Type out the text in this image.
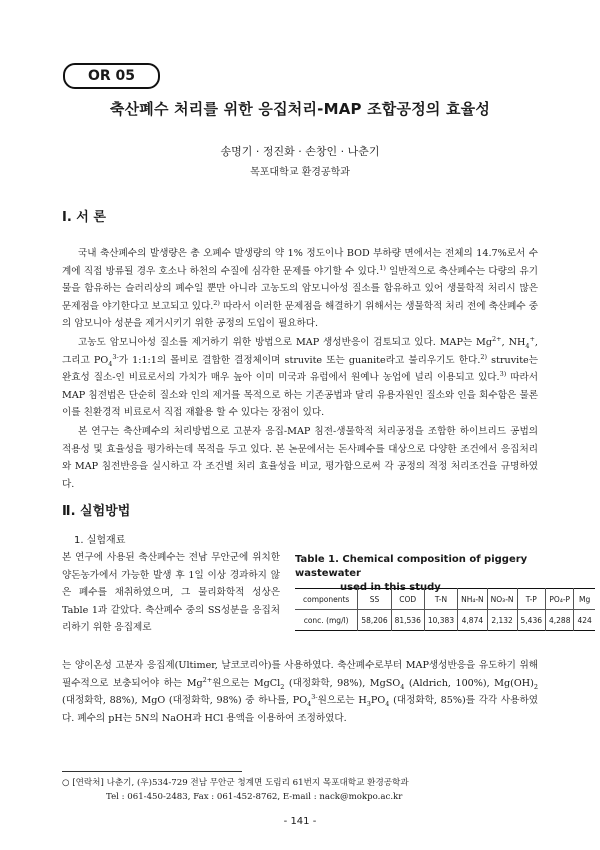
OR 05
축산폐수 처리를 위한 응집처리-MAP 조합공정의 효율성
송명기 · 정진화 · 손창인 · 나춘기
목포대학교 환경공학과
Ⅰ. 서 론

국내 축산폐수의 발생량은 총 오폐수 발생량의 약 1% 정도이나 BOD 부하량 면에서는 전체의 14.7%로서 수계에 직접 방류될 경우 호소나 하천의 수질에 심각한 문제를 야기할 수 있다.$^{1)}$ 일반적으로 축산폐수는 다량의 유기물을 함유하는 슬러리상의 폐수일 뿐만 아니라 고농도의 암모니아성 질소를 함유하고 있어 생물학적 처리시 많은 문제점을 야기한다고 보고되고 있다.$^{2)}$ 따라서 이러한 문제점을 해결하기 위해서는 생물학적 처리 전에 축산폐수 중의 암모니아 성분을 제거시키기 위한 공정의 도입이 필요하다.

고농도 암모니아성 질소를 제거하기 위한 방법으로 MAP 생성반응이 검토되고 있다. MAP는 $Mg^{2+}$, $NH_4^+$, 그리고 $PO_4^{3-}$가 1:1:1의 몰비로 결합한 결정체이며 struvite 또는 guanite라고 불리우기도 한다.$^{2)}$ struvite는 완효성 질소-인 비료로서의 가치가 매우 높아 이미 미국과 유럽에서 원예나 농업에 널리 이용되고 있다.$^{3)}$ 따라서 MAP 침전법은 단순히 질소와 인의 제거를 목적으로 하는 기존공법과 달리 유용자원인 질소와 인을 회수함은 물론 이를 친환경적 비료로서 직접 재활용 할 수 있다는 장점이 있다.

본 연구는 축산폐수의 처리방법으로 고분자 응집-MAP 침전-생물학적 처리공정을 조합한 하이브리드 공법의 적용성 및 효율성을 평가하는데 목적을 두고 있다. 본 논문에서는 돈사폐수를 대상으로 다양한 조건에서 응집처리와 MAP 침전반응을 실시하고 각 조건별 처리 효율성을 비교, 평가함으로써 각 공정의 적정 처리조건을 규명하였다.

Ⅱ. 실험방법
1. 실험재료

본 연구에 사용된 축산폐수는 전남 무안군에 위치한 양돈농가에서 가능한 발생 후 1일 이상 경과하지 않은 폐수를 채취하였으며, 그 물리화학적 성상은 Table 1과 같았다. 축산폐수 중의 SS성분을 응집처리하기 위한 응집제로

Table 1. Chemical composition of piggery wastewater
used in this study
components	SS	COD	T-N	NH₄-N	NO₃-N	T-P	PO₄-P	Mg
conc. (mg/l)	58,206	81,536	10,383	4,874	2,132	5,436	4,288	424

는 양이온성 고분자 응집제(Ultimer, 날코코리아)를 사용하였다. 축산폐수로부터 MAP생성반응을 유도하기 위해 필수적으로 보충되어야 하는 $Mg^{2+}$원으로는 MgCl$_2$ (대정화학, 98%), MgSO$_4$ (Aldrich, 100%), $Mg(OH)_2$ (대정화학, 88%), MgO (대정화학, 98%) 중 하나를, $PO_4^{3-}$원으로는 $H_3PO_4$ (대정화학, 85%)를 각각 사용하였다. 폐수의 pH는 5N의 NaOH과 HCl 용액을 이용하여 조정하였다.

○ [연락처] 나춘기, (우)534-729 전남 무안군 청계면 도림리 61번지 목포대학교 환경공학과
Tel : 061-450-2483, Fax : 061-452-8762, E-mail : nack@mokpo.ac.kr
- 141 -
